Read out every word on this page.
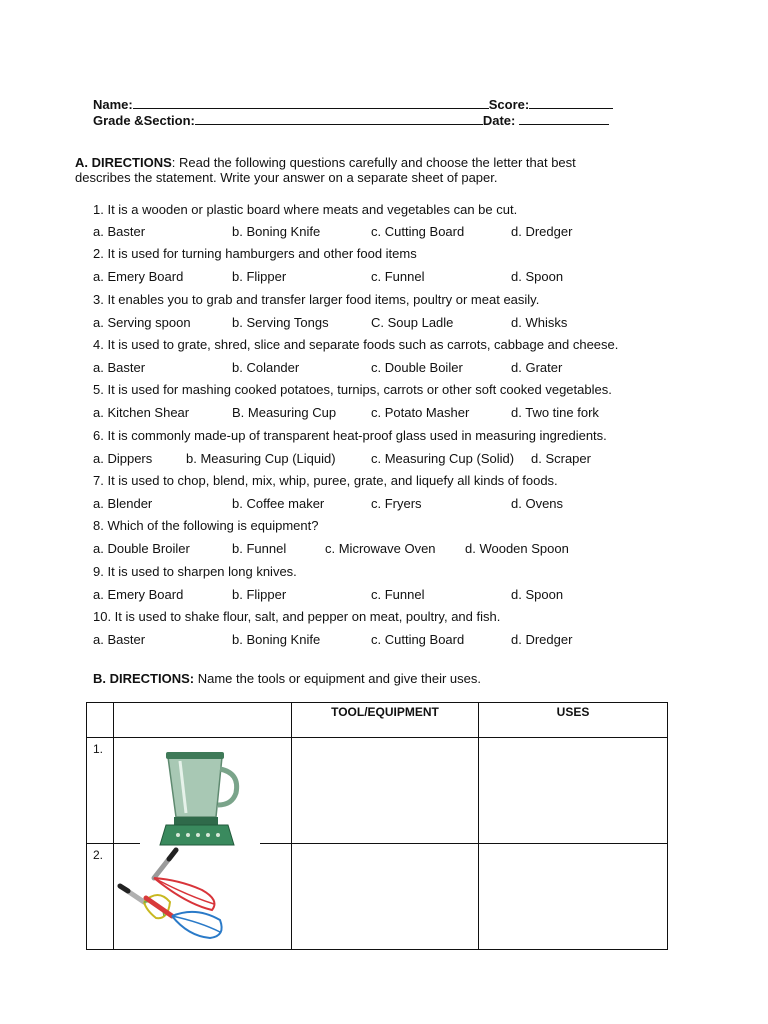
Name:	Score:
Grade &Section:	Date:
A. DIRECTIONS: Read the following questions carefully and choose the letter that best
describes the statement. Write your answer on a separate sheet of paper.
1. It is a wooden or plastic board where meats and vegetables can be cut.
a. Baster	b. Boning Knife	c. Cutting Board	d. Dredger
2. It is used for turning hamburgers and other food items
a. Emery Board	b. Flipper	c. Funnel	d. Spoon
3. It enables you to grab and transfer larger food items, poultry or meat easily.
a. Serving spoon	b. Serving Tongs	C. Soup Ladle	d. Whisks
4. It is used to grate, shred, slice and separate foods such as carrots, cabbage and cheese.
a. Baster	b. Colander	c. Double Boiler	d. Grater
5. It is used for mashing cooked potatoes, turnips, carrots or other soft cooked vegetables.
a. Kitchen Shear	B. Measuring Cup	c. Potato Masher	d. Two tine fork
6. It is commonly made-up of transparent heat-proof glass used in measuring ingredients.
a. Dippers	b. Measuring Cup (Liquid)	c. Measuring Cup (Solid) d. Scraper
7. It is used to chop, blend, mix, whip, puree, grate, and liquefy all kinds of foods.
a. Blender	b. Coffee maker	c. Fryers	d. Ovens
8. Which of the following is equipment?
a. Double Broiler	b. Funnel	c. Microwave Oven d. Wooden Spoon
9. It is used to sharpen long knives.
a. Emery Board	b. Flipper	c. Funnel	d. Spoon
10. It is used to shake flour, salt, and pepper on meat, poultry, and fish.
a. Baster	b. Boning Knife	c. Cutting Board	d. Dredger
B. DIRECTIONS: Name the tools or equipment and give their uses.
		TOOL/EQUIPMENT	USES
1.	

2.	
